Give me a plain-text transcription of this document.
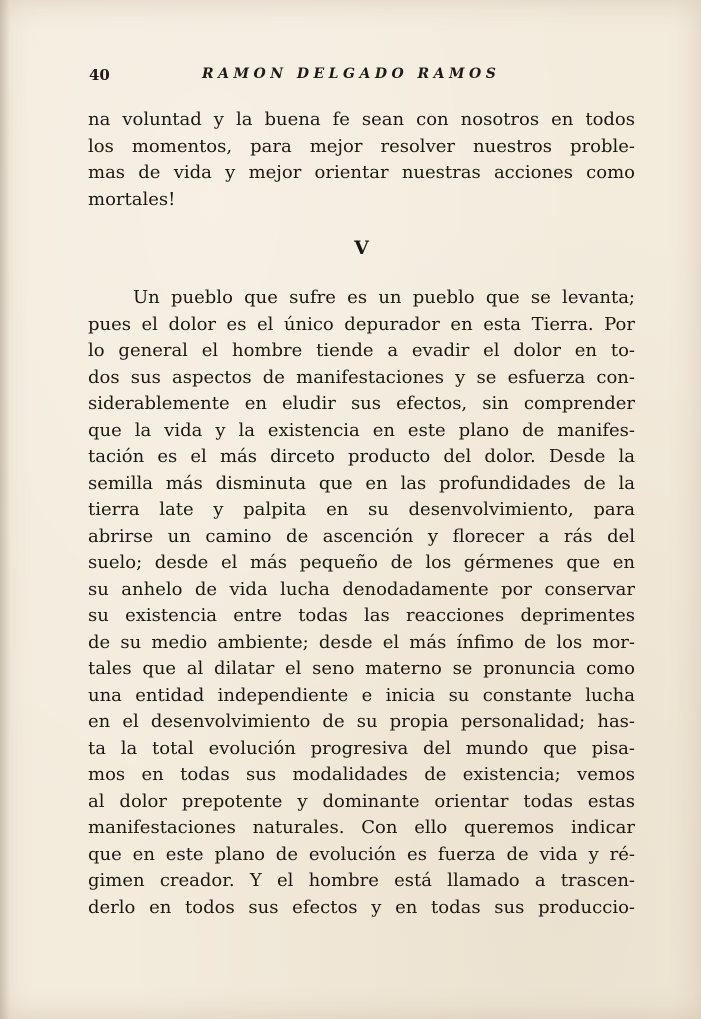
40	RAMON DELGADO RAMOS
na voluntad y la buena fe sean con nosotros en todos
los momentos, para mejor resolver nuestros proble-
mas de vida y mejor orientar nuestras acciones como
mortales!
V
Un pueblo que sufre es un pueblo que se levanta;
pues el dolor es el único depurador en esta Tierra. Por
lo general el hombre tiende a evadir el dolor en to-
dos sus aspectos de manifestaciones y se esfuerza con-
siderablemente en eludir sus efectos, sin comprender
que la vida y la existencia en este plano de manifes-
tación es el más dirceto producto del dolor. Desde la
semilla más disminuta que en las profundidades de la
tierra late y palpita en su desenvolvimiento, para
abrirse un camino de ascención y florecer a rás del
suelo; desde el más pequeño de los gérmenes que en
su anhelo de vida lucha denodadamente por conservar
su existencia entre todas las reacciones deprimentes
de su medio ambiente; desde el más ínfimo de los mor-
tales que al dilatar el seno materno se pronuncia como
una entidad independiente e inicia su constante lucha
en el desenvolvimiento de su propia personalidad; has-
ta la total evolución progresiva del mundo que pisa-
mos en todas sus modalidades de existencia; vemos
al dolor prepotente y dominante orientar todas estas
manifestaciones naturales. Con ello queremos indicar
que en este plano de evolución es fuerza de vida y ré-
gimen creador. Y el hombre está llamado a trascen-
derlo en todos sus efectos y en todas sus produccio-
